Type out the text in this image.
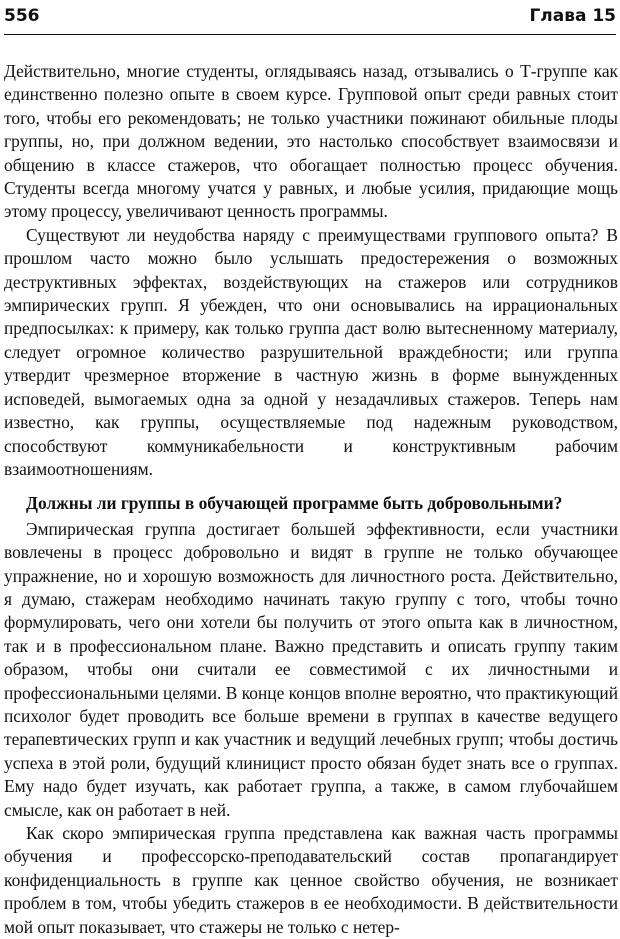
556	Глава 15

Действительно, многие студенты, оглядываясь назад, отзывались о Т-группе как единственно полезно опыте в своем курсе. Групповой опыт среди равных стоит того, чтобы его рекомендовать; не только участники пожинают обильные плоды группы, но, при должном ведении, это настолько способствует взаимосвязи и общению в классе стажеров, что обогащает полностью процесс обучения. Студенты всегда многому учатся у равных, и любые усилия, придающие мощь этому процессу, увеличивают ценность программы.

Существуют ли неудобства наряду с преимуществами группового опыта? В прошлом часто можно было услышать предостережения о возможных деструктивных эффектах, воздействующих на стажеров или сотрудников эмпирических групп. Я убежден, что они основывались на иррациональных предпосылках: к примеру, как только группа даст волю вытесненному материалу, следует огромное количество разрушительной враждебности; или группа утвердит чрезмерное вторжение в частную жизнь в форме вынужденных исповедей, вымогаемых одна за одной у незадачливых стажеров. Теперь нам известно, как группы, осуществляемые под надежным руководством, способствуют коммуникабельности и конструктивным рабочим взаимоотношениям.

Должны ли группы в обучающей программе быть добровольными?

Эмпирическая группа достигает большей эффективности, если участники вовлечены в процесс добровольно и видят в группе не только обучающее упражнение, но и хорошую возможность для личностного роста. Действительно, я думаю, стажерам необходимо начинать такую группу с того, чтобы точно формулировать, чего они хотели бы получить от этого опыта как в личностном, так и в профессиональном плане. Важно представить и описать группу таким образом, чтобы они считали ее совместимой с их личностными и профессиональными целями. В конце концов вполне вероятно, что практикующий психолог будет проводить все больше времени в группах в качестве ведущего терапевтических групп и как участник и ведущий лечебных групп; чтобы достичь успеха в этой роли, будущий клиницист просто обязан будет знать все о группах. Ему надо будет изучать, как работает группа, а также, в самом глубочайшем смысле, как он работает в ней.

Как скоро эмпирическая группа представлена как важная часть программы обучения и профессорско-преподавательский состав пропагандирует конфиденциальность в группе как ценное свойство обучения, не возникает проблем в том, чтобы убедить стажеров в ее необходимости. В действительности мой опыт показывает, что стажеры не только с нетер-
